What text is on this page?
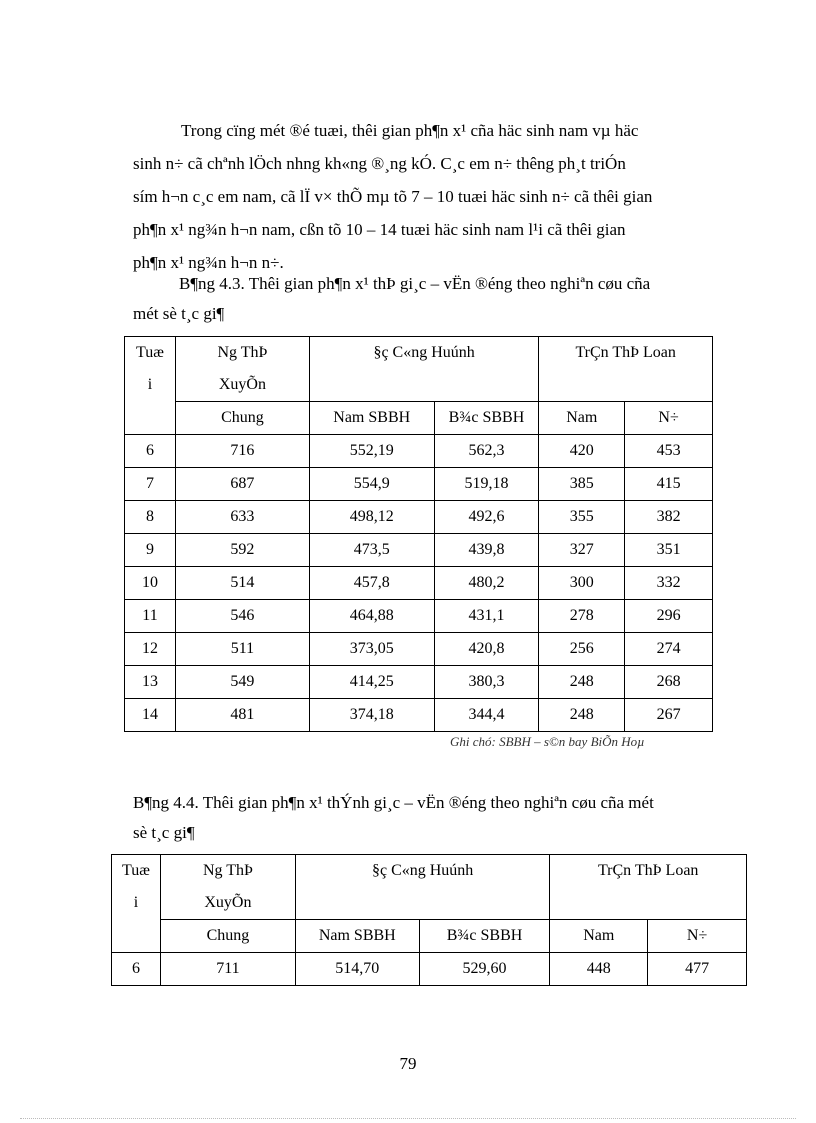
Trong cïng mét ®é tuæi, thêi gian ph¶n x¹ cña häc sinh nam vµ häc
sinh n÷ cã chªnh lÖch nhng kh«ng ®¸ng kÓ. C¸c em n÷ thêng ph¸t triÓn
sím h¬n c¸c em nam, cã lÏ v× thÕ mµ tõ 7 – 10 tuæi häc sinh n÷ cã thêi gian
ph¶n x¹ ng¾n h¬n nam, cßn tõ 10 – 14 tuæi häc sinh nam l¹i cã thêi gian
ph¶n x¹ ng¾n h¬n n÷.

B¶ng 4.3. Thêi gian ph¶n x¹ thÞ gi¸c – vËn ®éng theo nghiªn cøu cña
mét sè t¸c gi¶

Tuæ i	Ng ThÞ XuyÕn	§ç C«ng Huúnh		TrÇn ThÞ Loan	
	Chung	Nam SBBH	B¾c SBBH	Nam	N÷
6	716	552,19	562,3	420	453
7	687	554,9	519,18	385	415
8	633	498,12	492,6	355	382
9	592	473,5	439,8	327	351
10	514	457,8	480,2	300	332
11	546	464,88	431,1	278	296
12	511	373,05	420,8	256	274
13	549	414,25	380,3	248	268
14	481	374,18	344,4	248	267
Ghi chó: SBBH – s©n bay BiÕn Hoµ

B¶ng 4.4. Thêi gian ph¶n x¹ thÝnh gi¸c – vËn ®éng theo nghiªn cøu cña mét
sè t¸c gi¶

Tuæ i	Ng ThÞ XuyÕn	§ç C«ng Huúnh		TrÇn ThÞ Loan	
	Chung	Nam SBBH	B¾c SBBH	Nam	N÷
6	711	514,70	529,60	448	477
79
